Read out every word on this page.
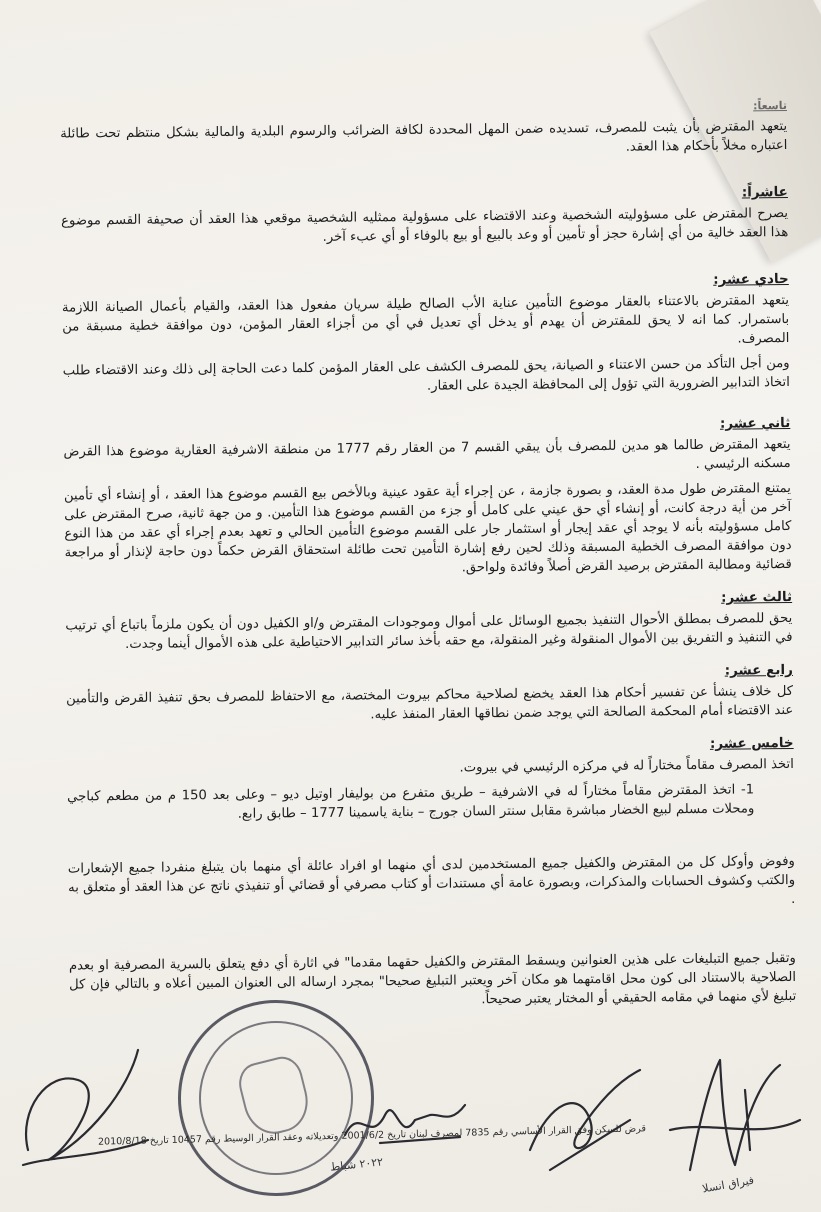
تاسعاً:
يتعهد المقترض بأن يثبت للمصرف، تسديده ضمن المهل المحددة لكافة الضرائب والرسوم البلدية والمالية بشكل منتظم تحت طائلة اعتباره مخلاً بأحكام هذا العقد.
عاشراً:
يصرح المقترض على مسؤوليته الشخصية وعند الاقتضاء على مسؤولية ممثليه الشخصية موقعي هذا العقد أن صحيفة القسم موضوع هذا العقد خالية من أي إشارة حجز أو تأمين أو وعد بالبيع أو بيع بالوفاء أو أي عبء آخر.
حادي عشر:
يتعهد المقترض بالاعتناء بالعقار موضوع التأمين عناية الأب الصالح طيلة سريان مفعول هذا العقد، والقيام بأعمال الصيانة اللازمة باستمرار. كما انه لا يحق للمقترض أن يهدم أو يدخل أي تعديل في أي من أجزاء العقار المؤمن، دون موافقة خطية مسبقة من المصرف.
ومن أجل التأكد من حسن الاعتناء و الصيانة، يحق للمصرف الكشف على العقار المؤمن كلما دعت الحاجة إلى ذلك وعند الاقتضاء طلب اتخاذ التدابير الضرورية التي تؤول إلى المحافظة الجيدة على العقار.
ثاني عشر:
يتعهد المقترض طالما هو مدين للمصرف بأن يبقي القسم 7 من العقار رقم 1777 من منطقة الاشرفية العقارية موضوع هذا القرض مسكنه الرئيسي .
يمتنع المقترض طول مدة العقد، و بصورة جازمة ، عن إجراء أية عقود عينية وبالأخص بيع القسم موضوع هذا العقد ، أو إنشاء أي تأمين آخر من أية درجة كانت، أو إنشاء أي حق عيني على كامل أو جزء من القسم موضوع هذا التأمين. و من جهة ثانية، صرح المقترض على كامل مسؤوليته بأنه لا يوجد أي عقد إيجار أو استثمار جار على القسم موضوع التأمين الحالي و تعهد بعدم إجراء أي عقد من هذا النوع دون موافقة المصرف الخطية المسبقة وذلك لحين رفع إشارة التأمين تحت طائلة استحقاق القرض حكماً دون حاجة لإنذار أو مراجعة قضائية ومطالبة المقترض برصيد القرض أصلاً وفائدة ولواحق.
ثالث عشر:
يحق للمصرف بمطلق الأحوال التنفيذ بجميع الوسائل على أموال وموجودات المقترض و/او الكفيل دون أن يكون ملزماً باتباع أي ترتيب في التنفيذ و التفريق بين الأموال المنقولة وغير المنقولة، مع حقه بأخذ سائر التدابير الاحتياطية على هذه الأموال أينما وجدت.
رابع عشر:
كل خلاف ينشأ عن تفسير أحكام هذا العقد يخضع لصلاحية محاكم بيروت المختصة، مع الاحتفاظ للمصرف بحق تنفيذ القرض والتأمين عند الاقتضاء أمام المحكمة الصالحة التي يوجد ضمن نطاقها العقار المنفذ عليه.
خامس عشر:
اتخذ المصرف مقاماً مختاراً له في مركزه الرئيسي في بيروت.
1- اتخذ المقترض مقاماً مختاراً له في الاشرفية – طريق متفرع من بوليفار اوتيل ديو – وعلى بعد 150 م من مطعم كباجي ومحلات مسلم لبيع الخضار مباشرة مقابل سنتر السان جورج – بناية ياسمينا 1777 – طابق رابع.
وفوض وأوكل كل من المقترض والكفيل جميع المستخدمين لدى أي منهما او افراد عائلة أي منهما بان يتبلغ منفردا جميع الإشعارات والكتب وكشوف الحسابات والمذكرات، وبصورة عامة أي مستندات أو كتاب مصرفي أو قضائي أو تنفيذي ناتج عن هذا العقد أو متعلق به .
وتقبل جميع التبليغات على هذين العنوانين ويسقط المقترض والكفيل حقهما مقدما" في اثارة أي دفع يتعلق بالسرية المصرفية او بعدم الصلاحية بالاستناد الى كون محل اقامتهما هو مكان آخر ويعتبر التبليغ صحيحا" بمجرد ارساله الى العنوان المبين أعلاه و بالتالي فإن كل تبليغ لأي منهما في مقامه الحقيقي أو المختار يعتبر صحيحاً.
قرض للسكن وفق القرار الأساسي رقم 7835 لمصرف لبنان تاريخ 2001/6/2 وتعديلاته وعقد القرار الوسيط رقم 10457 تاريخ 2010/8/18
٢٠٢٢ شباط
فيراق انسلا
